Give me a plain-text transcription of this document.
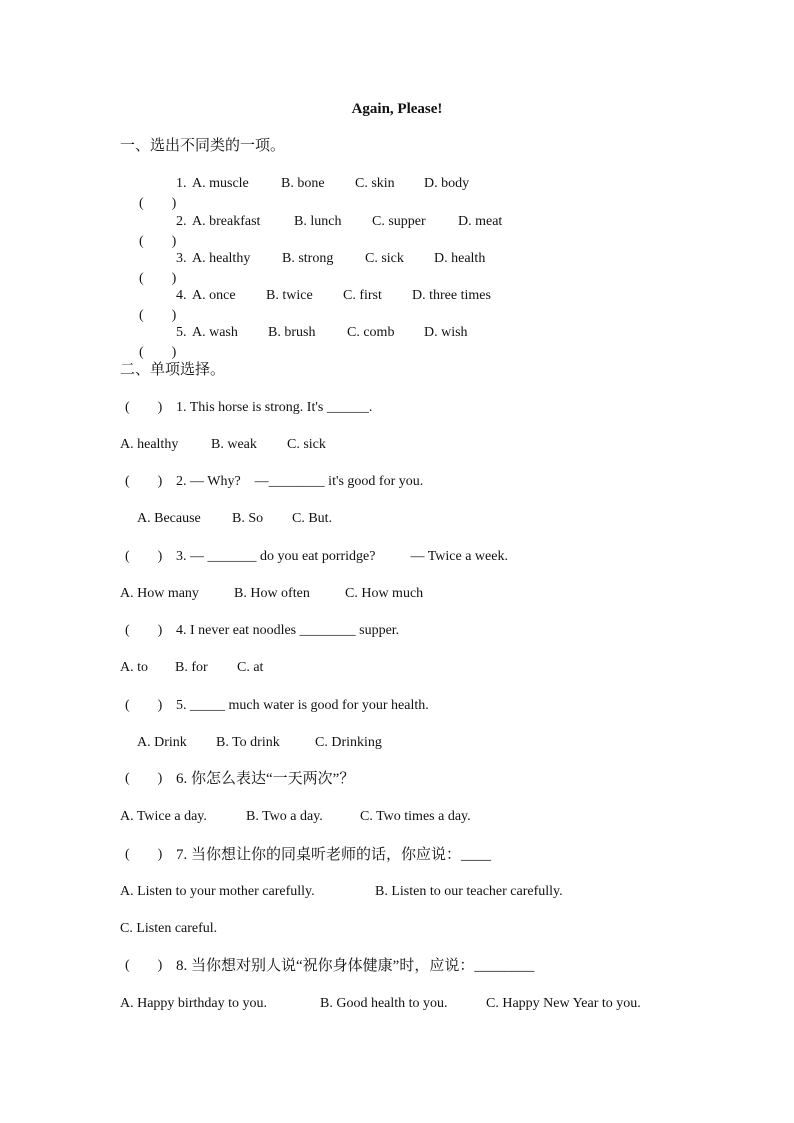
Again, Please!
一、选出不同类的一项。

(        )

1. A. muscle B. bone C. skin D. body

(        )

2. A. breakfast B. lunch C. supper D. meat

(        )

3. A. healthy B. strong C. sick D. health

(        )

4. A. once B. twice C. first D. three times

(        )

5. A. wash B. brush C. comb D. wish
二、单项选择。
(        ) 1. This horse is strong. It's ______.
A. healthy B. weak C. sick
(        ) 2. — Why?    —________ it's good for you.
A. Because B. So C. But.
(        ) 3. — _______ do you eat porridge?          — Twice a week.
A. How many	B. How often	C. How much
(        ) 4. I never eat noodles ________ supper.
A. to B. for C. at
(        ) 5. _____ much water is good for your health.
A. Drink B. To drink	C. Drinking
(        ) 6. 你怎么表达“一天两次”？
A. Twice a day.	B. Two a day.	C. Two times a day.
(        ) 7. 当你想让你的同桌听老师的话，你应说：____
A. Listen to your mother carefully.	B. Listen to our teacher carefully.
C. Listen careful.
(        ) 8. 当你想对别人说“祝你身体健康”时，应说：________
A. Happy birthday to you.	B. Good health to you.	C. Happy New Year to you.
